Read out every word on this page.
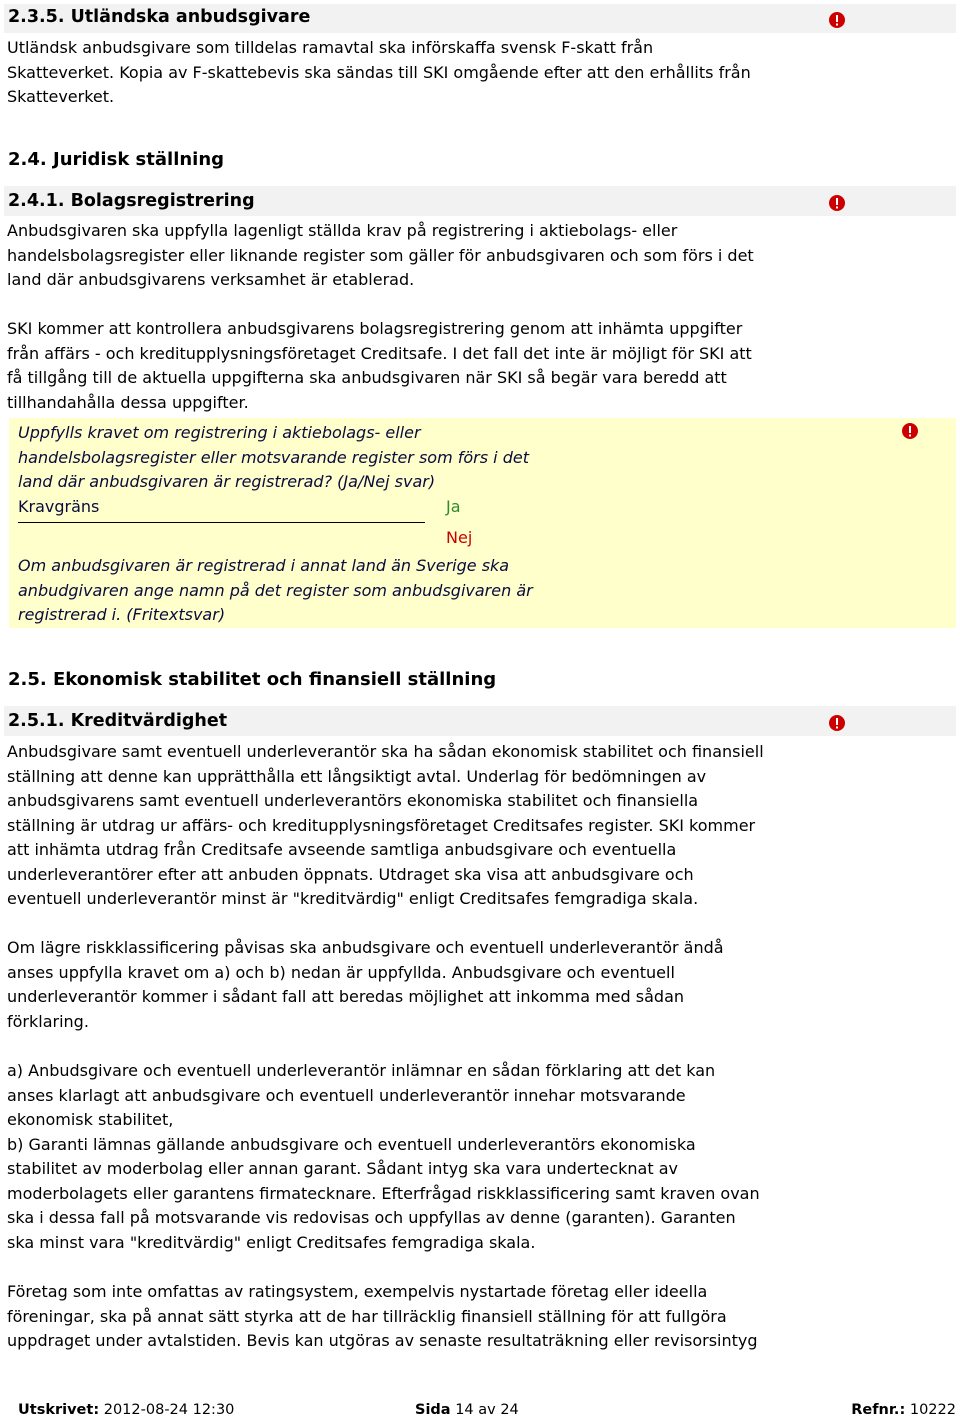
2.3.5. Utländska anbudsgivare
Utländsk anbudsgivare som tilldelas ramavtal ska införskaffa svensk F-skatt från
Skatteverket. Kopia av F-skattebevis ska sändas till SKI omgående efter att den erhållits från
Skatteverket.
2.4. Juridisk ställning
2.4.1. Bolagsregistrering
Anbudsgivaren ska uppfylla lagenligt ställda krav på registrering i aktiebolags- eller
handelsbolagsregister eller liknande register som gäller för anbudsgivaren och som förs i det
land där anbudsgivarens verksamhet är etablerad.
SKI kommer att kontrollera anbudsgivarens bolagsregistrering genom att inhämta uppgifter
från affärs - och kreditupplysningsföretaget Creditsafe. I det fall det inte är möjligt för SKI att
få tillgång till de aktuella uppgifterna ska anbudsgivaren när SKI så begär vara beredd att
tillhandahålla dessa uppgifter.
Uppfylls kravet om registrering i aktiebolags- eller
handelsbolagsregister eller motsvarande register som förs i det
land där anbudsgivaren är registrerad? (Ja/Nej svar)
Kravgräns	Ja
Nej
Om anbudsgivaren är registrerad i annat land än Sverige ska
anbudgivaren ange namn på det register som anbudsgivaren är
registrerad i. (Fritextsvar)
2.5. Ekonomisk stabilitet och finansiell ställning
2.5.1. Kreditvärdighet
Anbudsgivare samt eventuell underleverantör ska ha sådan ekonomisk stabilitet och finansiell
ställning att denne kan upprätthålla ett långsiktigt avtal. Underlag för bedömningen av
anbudsgivarens samt eventuell underleverantörs ekonomiska stabilitet och finansiella
ställning är utdrag ur affärs- och kreditupplysningsföretaget Creditsafes register. SKI kommer
att inhämta utdrag från Creditsafe avseende samtliga anbudsgivare och eventuella
underleverantörer efter att anbuden öppnats. Utdraget ska visa att anbudsgivare och
eventuell underleverantör minst är "kreditvärdig" enligt Creditsafes femgradiga skala.
Om lägre riskklassificering påvisas ska anbudsgivare och eventuell underleverantör ändå
anses uppfylla kravet om a) och b) nedan är uppfyllda. Anbudsgivare och eventuell
underleverantör kommer i sådant fall att beredas möjlighet att inkomma med sådan
förklaring.
a) Anbudsgivare och eventuell underleverantör inlämnar en sådan förklaring att det kan
anses klarlagt att anbudsgivare och eventuell underleverantör innehar motsvarande
ekonomisk stabilitet,
b) Garanti lämnas gällande anbudsgivare och eventuell underleverantörs ekonomiska
stabilitet av moderbolag eller annan garant. Sådant intyg ska vara undertecknat av
moderbolagets eller garantens firmatecknare. Efterfrågad riskklassificering samt kraven ovan
ska i dessa fall på motsvarande vis redovisas och uppfyllas av denne (garanten). Garanten
ska minst vara "kreditvärdig" enligt Creditsafes femgradiga skala.
Företag som inte omfattas av ratingsystem, exempelvis nystartade företag eller ideella
föreningar, ska på annat sätt styrka att de har tillräcklig finansiell ställning för att fullgöra
uppdraget under avtalstiden. Bevis kan utgöras av senaste resultaträkning eller revisorsintyg
Utskrivet: 2012-08-24 12:30	Sida 14 av 24	Refnr.: 10222
